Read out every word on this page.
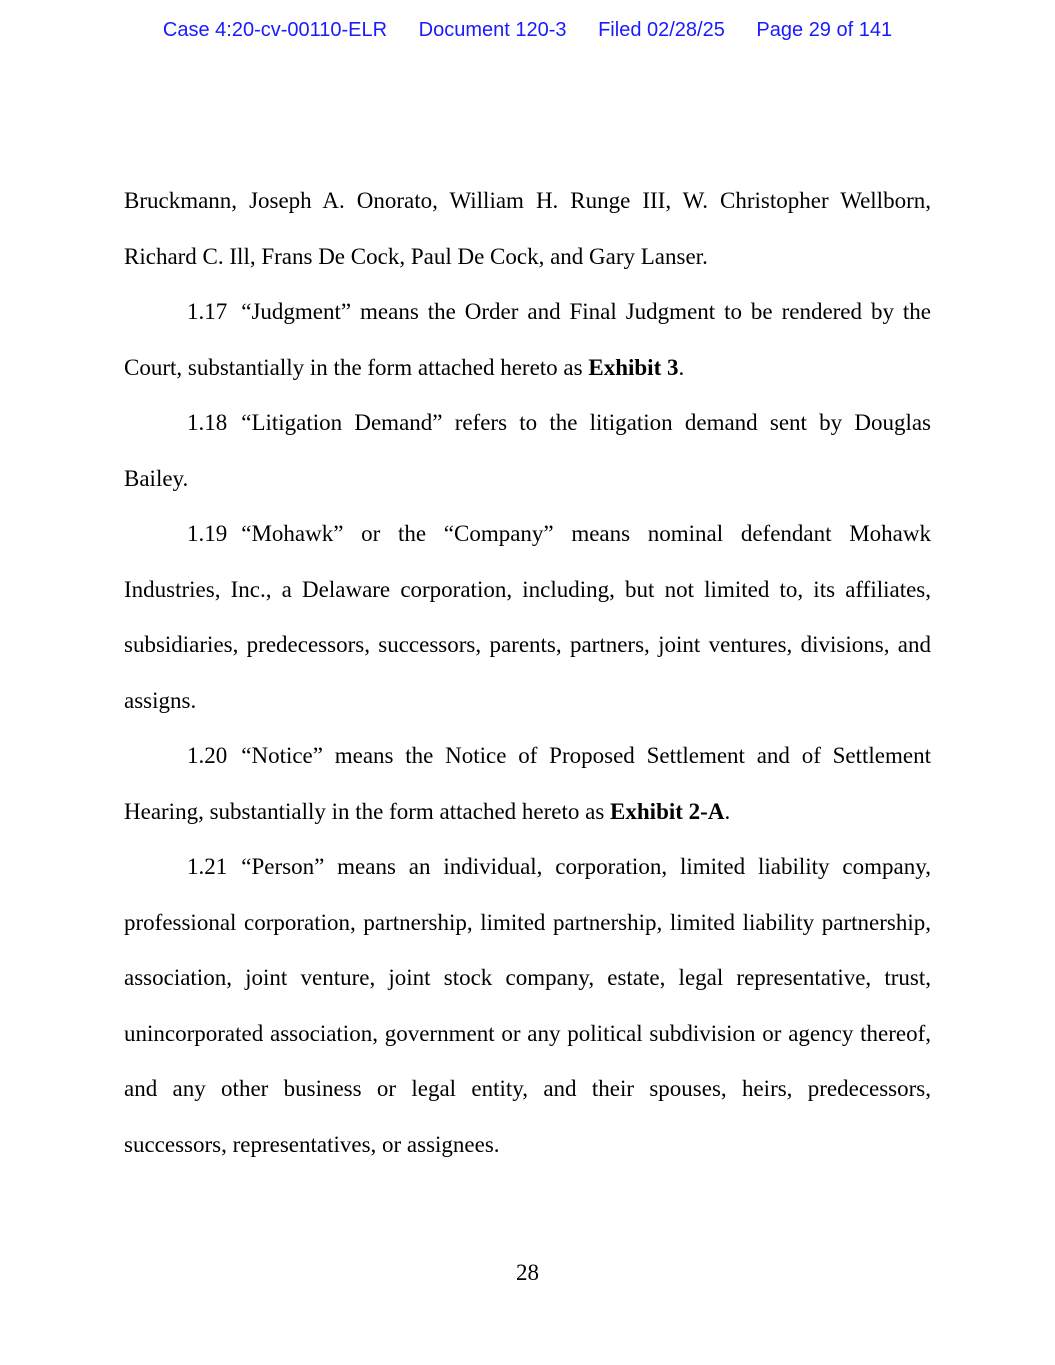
Case 4:20-cv-00110-ELR Document 120-3 Filed 02/28/25 Page 29 of 141

Bruckmann, Joseph A. Onorato, William H. Runge III, W. Christopher Wellborn, Richard C. Ill, Frans De Cock, Paul De Cock, and Gary Lanser.

1.17 “Judgment” means the Order and Final Judgment to be rendered by the Court, substantially in the form attached hereto as Exhibit 3.

1.18 “Litigation Demand” refers to the litigation demand sent by Douglas Bailey.

1.19 “Mohawk” or the “Company” means nominal defendant Mohawk Industries, Inc., a Delaware corporation, including, but not limited to, its affiliates, subsidiaries, predecessors, successors, parents, partners, joint ventures, divisions, and assigns.

1.20 “Notice” means the Notice of Proposed Settlement and of Settlement Hearing, substantially in the form attached hereto as Exhibit 2-A.

1.21 “Person” means an individual, corporation, limited liability company, professional corporation, partnership, limited partnership, limited liability partnership, association, joint venture, joint stock company, estate, legal representative, trust, unincorporated association, government or any political subdivision or agency thereof, and any other business or legal entity, and their spouses, heirs, predecessors, successors, representatives, or assignees.

28
